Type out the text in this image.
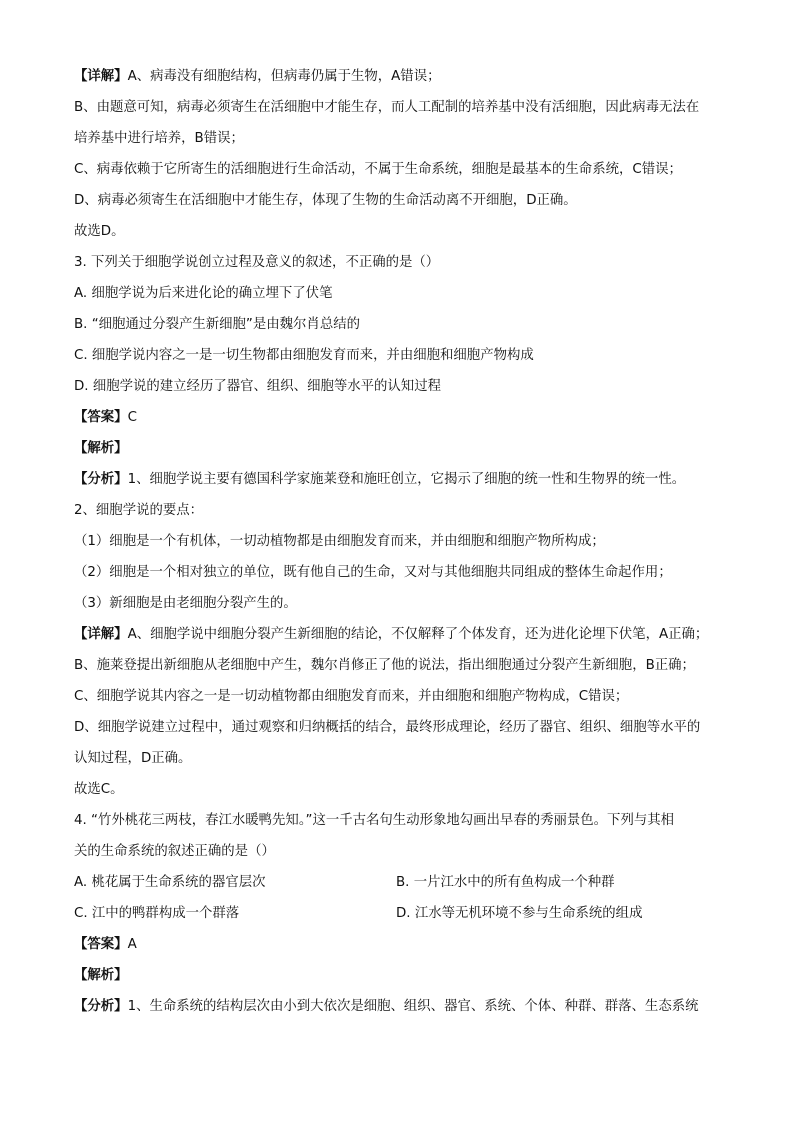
【详解】A、病毒没有细胞结构，但病毒仍属于生物，A错误；
B、由题意可知，病毒必须寄生在活细胞中才能生存，而人工配制的培养基中没有活细胞，因此病毒无法在
培养基中进行培养，B错误；
C、病毒依赖于它所寄生的活细胞进行生命活动，不属于生命系统，细胞是最基本的生命系统，C错误；
D、病毒必须寄生在活细胞中才能生存，体现了生物的生命活动离不开细胞，D正确。
故选D。
3. 下列关于细胞学说创立过程及意义的叙述，不正确的是（）
A. 细胞学说为后来进化论的确立埋下了伏笔
B. “细胞通过分裂产生新细胞”是由魏尔肖总结的
C. 细胞学说内容之一是一切生物都由细胞发育而来，并由细胞和细胞产物构成
D. 细胞学说的建立经历了器官、组织、细胞等水平的认知过程
【答案】C
【解析】
【分析】1、细胞学说主要有德国科学家施莱登和施旺创立，它揭示了细胞的统一性和生物界的统一性。
2、细胞学说的要点：
（1）细胞是一个有机体，一切动植物都是由细胞发育而来，并由细胞和细胞产物所构成；
（2）细胞是一个相对独立的单位，既有他自己的生命，又对与其他细胞共同组成的整体生命起作用；
（3）新细胞是由老细胞分裂产生的。
【详解】A、细胞学说中细胞分裂产生新细胞的结论，不仅解释了个体发育，还为进化论埋下伏笔，A正确；
B、施莱登提出新细胞从老细胞中产生，魏尔肖修正了他的说法，指出细胞通过分裂产生新细胞，B正确；
C、细胞学说其内容之一是一切动植物都由细胞发育而来，并由细胞和细胞产物构成，C错误；
D、细胞学说建立过程中，通过观察和归纳概括的结合，最终形成理论，经历了器官、组织、细胞等水平的
认知过程，D正确。
故选C。
4. “竹外桃花三两枝，春江水暖鸭先知。”这一千古名句生动形象地勾画出早春的秀丽景色。下列与其相
关的生命系统的叙述正确的是（）
A. 桃花属于生命系统的器官层次	B. 一片江水中的所有鱼构成一个种群
C. 江中的鸭群构成一个群落	D. 江水等无机环境不参与生命系统的组成
【答案】A
【解析】
【分析】1、生命系统的结构层次由小到大依次是细胞、组织、器官、系统、个体、种群、群落、生态系统
